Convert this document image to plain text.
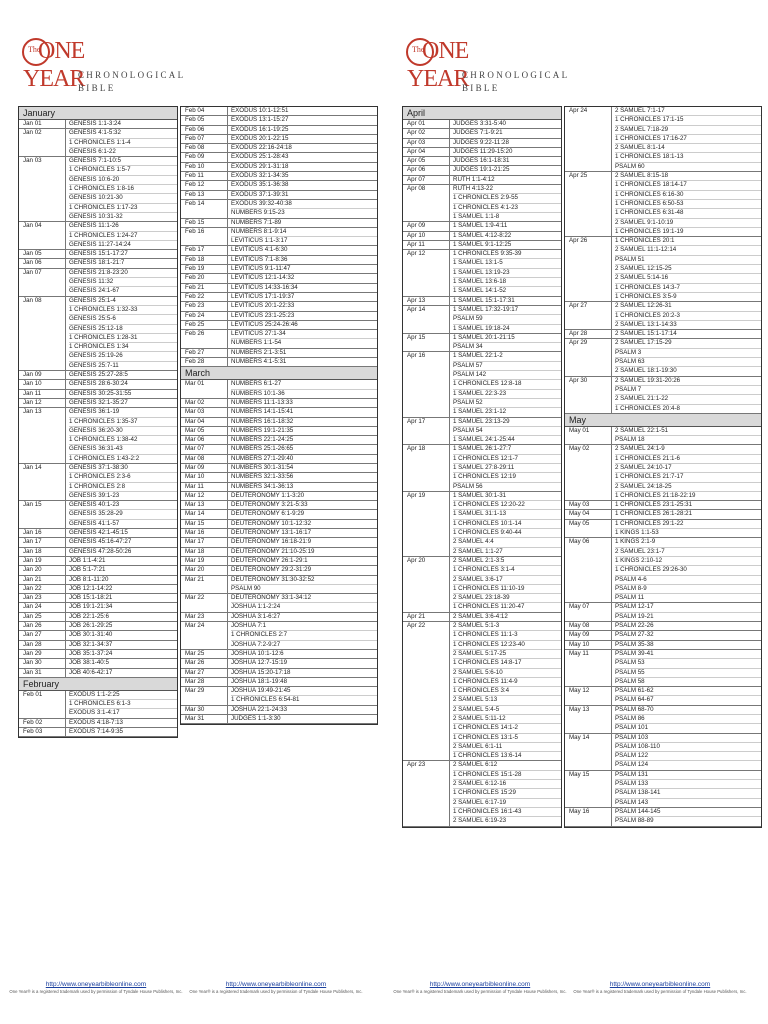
The
ONE
YEAR
CHRONOLOGICAL
BIBLE
January
Jan 01	GENESIS 1:1-3:24
Jan 02	GENESIS 4:1-5:32
1 CHRONICLES 1:1-4
GENESIS 6:1-22
Jan 03	GENESIS 7:1-10:5
1 CHRONICLES 1:5-7
GENESIS 10:6-20
1 CHRONICLES 1:8-16
GENESIS 10:21-30
1 CHRONICLES 1:17-23
GENESIS 10:31-32
Jan 04	GENESIS 11:1-26
1 CHRONICLES 1:24-27
GENESIS 11:27-14:24
Jan 05	GENESIS 15:1-17:27
Jan 06	GENESIS 18:1-21:7
Jan 07	GENESIS 21:8-23:20
GENESIS 11:32
GENESIS 24:1-67
Jan 08	GENESIS 25:1-4
1 CHRONICLES 1:32-33
GENESIS 25:5-6
GENESIS 25:12-18
1 CHRONICLES 1:28-31
1 CHRONICLES 1:34
GENESIS 25:19-26
GENESIS 25:7-11
Jan 09	GENESIS 25:27-28:5
Jan 10	GENESIS 28:6-30:24
Jan 11	GENESIS 30:25-31:55
Jan 12	GENESIS 32:1-35:27
Jan 13	GENESIS 36:1-19
1 CHRONICLES 1:35-37
GENESIS 36:20-30
1 CHRONICLES 1:38-42
GENESIS 36:31-43
1 CHRONICLES 1:43-2:2
Jan 14	GENESIS 37:1-38:30
1 CHRONICLES 2:3-6
1 CHRONICLES 2:8
GENESIS 39:1-23
Jan 15	GENESIS 40:1-23
GENESIS 35:28-29
GENESIS 41:1-57
Jan 16	GENESIS 42:1-45:15
Jan 17	GENESIS 45:16-47:27
Jan 18	GENESIS 47:28-50:26
Jan 19	JOB 1:1-4:21
Jan 20	JOB 5:1-7:21
Jan 21	JOB 8:1-11:20
Jan 22	JOB 12:1-14:22
Jan 23	JOB 15:1-18:21
Jan 24	JOB 19:1-21:34
Jan 25	JOB 22:1-25:6
Jan 26	JOB 26:1-29:25
Jan 27	JOB 30:1-31:40
Jan 28	JOB 32:1-34:37
Jan 29	JOB 35:1-37:24
Jan 30	JOB 38:1-40:5
Jan 31	JOB 40:6-42:17
February
Feb 01	EXODUS 1:1-2:25
1 CHRONICLES 6:1-3
EXODUS 3:1-4:17
Feb 02	EXODUS 4:18-7:13
Feb 03	EXODUS 7:14-9:35
Feb 04	EXODUS 10:1-12:51
Feb 05	EXODUS 13:1-15:27
Feb 06	EXODUS 16:1-19:25
Feb 07	EXODUS 20:1-22:15
Feb 08	EXODUS 22:16-24:18
Feb 09	EXODUS 25:1-28:43
Feb 10	EXODUS 29:1-31:18
Feb 11	EXODUS 32:1-34:35
Feb 12	EXODUS 35:1-36:38
Feb 13	EXODUS 37:1-39:31
Feb 14	EXODUS 39:32-40:38
NUMBERS 9:15-23
Feb 15	NUMBERS 7:1-89
Feb 16	NUMBERS 8:1-9:14
LEVITICUS 1:1-3:17
Feb 17	LEVITICUS 4:1-6:30
Feb 18	LEVITICUS 7:1-8:36
Feb 19	LEVITICUS 9:1-11:47
Feb 20	LEVITICUS 12:1-14:32
Feb 21	LEVITICUS 14:33-16:34
Feb 22	LEVITICUS 17:1-19:37
Feb 23	LEVITICUS 20:1-22:33
Feb 24	LEVITICUS 23:1-25:23
Feb 25	LEVITICUS 25:24-26:46
Feb 26	LEVITICUS 27:1-34
NUMBERS 1:1-54
Feb 27	NUMBERS 2:1-3:51
Feb 28	NUMBERS 4:1-5:31
March
Mar 01	NUMBERS 6:1-27
NUMBERS 10:1-36
Mar 02	NUMBERS 11:1-13:33
Mar 03	NUMBERS 14:1-15:41
Mar 04	NUMBERS 16:1-18:32
Mar 05	NUMBERS 19:1-21:35
Mar 06	NUMBERS 22:1-24:25
Mar 07	NUMBERS 25:1-26:65
Mar 08	NUMBERS 27:1-29:40
Mar 09	NUMBERS 30:1-31:54
Mar 10	NUMBERS 32:1-33:56
Mar 11	NUMBERS 34:1-36:13
Mar 12	DEUTERONOMY 1:1-3:20
Mar 13	DEUTERONOMY 3:21-5:33
Mar 14	DEUTERONOMY 6:1-9:29
Mar 15	DEUTERONOMY 10:1-12:32
Mar 16	DEUTERONOMY 13:1-16:17
Mar 17	DEUTERONOMY 16:18-21:9
Mar 18	DEUTERONOMY 21:10-25:19
Mar 19	DEUTERONOMY 26:1-29:1
Mar 20	DEUTERONOMY 29:2-31:29
Mar 21	DEUTERONOMY 31:30-32:52
PSALM 90
Mar 22	DEUTERONOMY 33:1-34:12
JOSHUA 1:1-2:24
Mar 23	JOSHUA 3:1-6:27
Mar 24	JOSHUA 7:1
1 CHRONICLES 2:7
JOSHUA 7:2-9:27
Mar 25	JOSHUA 10:1-12:6
Mar 26	JOSHUA 12:7-15:19
Mar 27	JOSHUA 15:20-17:18
Mar 28	JOSHUA 18:1-19:48
Mar 29	JOSHUA 19:49-21:45
1 CHRONICLES 6:54-81
Mar 30	JOSHUA 22:1-24:33
Mar 31	JUDGES 1:1-3:30
http://www.oneyearbibleonline.com
One Year® is a registered trademark used by permission of Tyndale House Publishers, Inc.
http://www.oneyearbibleonline.com
One Year® is a registered trademark used by permission of Tyndale House Publishers, Inc.
The
ONE
YEAR
CHRONOLOGICAL
BIBLE
April
Apr 01	JUDGES 3:31-5:40
Apr 02	JUDGES 7:1-9:21
Apr 03	JUDGES 9:22-11:28
Apr 04	JUDGES 11:29-15:20
Apr 05	JUDGES 16:1-18:31
Apr 06	JUDGES 19:1-21:25
Apr 07	RUTH 1:1-4:12
Apr 08	RUTH 4:13-22
1 CHRONICLES 2:9-55
1 CHRONICLES 4:1-23
1 SAMUEL 1:1-8
Apr 09	1 SAMUEL 1:9-4:11
Apr 10	1 SAMUEL 4:12-8:22
Apr 11	1 SAMUEL 9:1-12:25
Apr 12	1 CHRONICLES 9:35-39
1 SAMUEL 13:1-5
1 SAMUEL 13:19-23
1 SAMUEL 13:6-18
1 SAMUEL 14:1-52
Apr 13	1 SAMUEL 15:1-17:31
Apr 14	1 SAMUEL 17:32-19:17
PSALM 59
1 SAMUEL 19:18-24
Apr 15	1 SAMUEL 20:1-21:15
PSALM 34
Apr 16	1 SAMUEL 22:1-2
PSALM 57
PSALM 142
1 CHRONICLES 12:8-18
1 SAMUEL 22:3-23
PSALM 52
1 SAMUEL 23:1-12
Apr 17	1 SAMUEL 23:13-29
PSALM 54
1 SAMUEL 24:1-25:44
Apr 18	1 SAMUEL 26:1-27:7
1 CHRONICLES 12:1-7
1 SAMUEL 27:8-29:11
1 CHRONICLES 12:19
PSALM 56
Apr 19	1 SAMUEL 30:1-31
1 CHRONICLES 12:20-22
1 SAMUEL 31:1-13
1 CHRONICLES 10:1-14
1 CHRONICLES 9:40-44
2 SAMUEL 4:4
2 SAMUEL 1:1-27
Apr 20	2 SAMUEL 2:1-3:5
1 CHRONICLES 3:1-4
2 SAMUEL 3:6-17
1 CHRONICLES 11:10-19
2 SAMUEL 23:18-39
1 CHRONICLES 11:20-47
Apr 21	2 SAMUEL 3:6-4:12
Apr 22	2 SAMUEL 5:1-3
1 CHRONICLES 11:1-3
1 CHRONICLES 12:23-40
2 SAMUEL 5:17-25
1 CHRONICLES 14:8-17
2 SAMUEL 5:6-10
1 CHRONICLES 11:4-9
1 CHRONICLES 3:4
2 SAMUEL 5:13
2 SAMUEL 5:4-5
2 SAMUEL 5:11-12
1 CHRONICLES 14:1-2
1 CHRONICLES 13:1-5
2 SAMUEL 6:1-11
1 CHRONICLES 13:6-14
Apr 23	2 SAMUEL 6:12
1 CHRONICLES 15:1-28
2 SAMUEL 6:12-16
1 CHRONICLES 15:29
2 SAMUEL 6:17-19
1 CHRONICLES 16:1-43
2 SAMUEL 6:19-23
Apr 24	2 SAMUEL 7:1-17
1 CHRONICLES 17:1-15
2 SAMUEL 7:18-29
1 CHRONICLES 17:16-27
2 SAMUEL 8:1-14
1 CHRONICLES 18:1-13
PSALM 60
Apr 25	2 SAMUEL 8:15-18
1 CHRONICLES 18:14-17
1 CHRONICLES 6:16-30
1 CHRONICLES 6:50-53
1 CHRONICLES 6:31-48
2 SAMUEL 9:1-10:19
1 CHRONICLES 19:1-19
Apr 26	1 CHRONICLES 20:1
2 SAMUEL 11:1-12:14
PSALM 51
2 SAMUEL 12:15-25
2 SAMUEL 5:14-16
1 CHRONICLES 14:3-7
1 CHRONICLES 3:5-9
Apr 27	2 SAMUEL 12:26-31
1 CHRONICLES 20:2-3
2 SAMUEL 13:1-14:33
Apr 28	2 SAMUEL 15:1-17:14
Apr 29	2 SAMUEL 17:15-29
PSALM 3
PSALM 63
2 SAMUEL 18:1-19:30
Apr 30	2 SAMUEL 19:31-20:26
PSALM 7
2 SAMUEL 21:1-22
1 CHRONICLES 20:4-8
May
May 01	2 SAMUEL 22:1-51
PSALM 18
May 02	2 SAMUEL 24:1-9
1 CHRONICLES 21:1-6
2 SAMUEL 24:10-17
1 CHRONICLES 21:7-17
2 SAMUEL 24:18-25
1 CHRONICLES 21:18-22:19
May 03	1 CHRONICLES 23:1-25:31
May 04	1 CHRONICLES 26:1-28:21
May 05	1 CHRONICLES 29:1-22
1 KINGS 1:1-53
May 06	1 KINGS 2:1-9
2 SAMUEL 23:1-7
1 KINGS 2:10-12
1 CHRONICLES 29:26-30
PSALM 4-6
PSALM 8-9
PSALM 11
May 07	PSALM 12-17
PSALM 19-21
May 08	PSALM 22-26
May 09	PSALM 27-32
May 10	PSALM 35-38
May 11	PSALM 39-41
PSALM 53
PSALM 55
PSALM 58
May 12	PSALM 61-62
PSALM 64-67
May 13	PSALM 68-70
PSALM 86
PSALM 101
May 14	PSALM 103
PSALM 108-110
PSALM 122
PSALM 124
May 15	PSALM 131
PSALM 133
PSALM 138-141
PSALM 143
May 16	PSALM 144-145
PSALM 88-89
http://www.oneyearbibleonline.com
One Year® is a registered trademark used by permission of Tyndale House Publishers, Inc.
http://www.oneyearbibleonline.com
One Year® is a registered trademark used by permission of Tyndale House Publishers, Inc.
